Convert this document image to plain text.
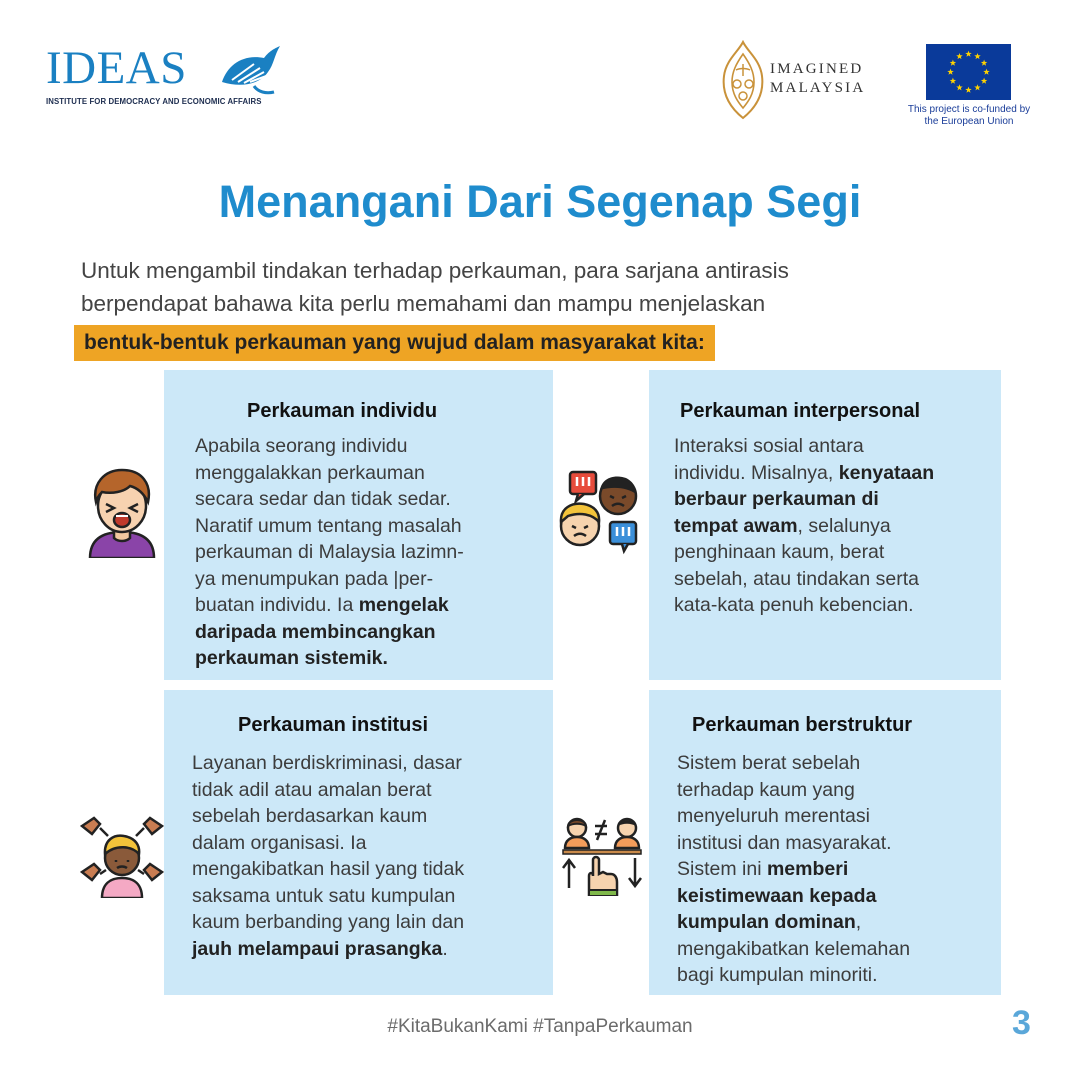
IDEAS
INSTITUTE FOR DEMOCRACY AND ECONOMIC AFFAIRS
IMAGINED
MALAYSIA
This project is co-funded by
the European Union
Menangani Dari Segenap Segi
Untuk mengambil tindakan terhadap perkauman, para sarjana antirasis
berpendapat bahawa kita perlu memahami dan mampu menjelaskan
bentuk-bentuk perkauman yang wujud dalam masyarakat kita:
Perkauman individu
Apabila seorang individu
menggalakkan perkauman
secara sedar dan tidak sedar.
Naratif umum tentang masalah
perkauman di Malaysia lazimn-
ya menumpukan pada |per-
buatan individu. Ia mengelak
daripada membincangkan
perkauman sistemik.
Perkauman interpersonal
Interaksi sosial antara
individu. Misalnya, kenyataan
berbaur perkauman di
tempat awam, selalunya
penghinaan kaum, berat
sebelah, atau tindakan serta
kata-kata penuh kebencian.
Perkauman institusi
Layanan berdiskriminasi, dasar
tidak adil atau amalan berat
sebelah berdasarkan kaum
dalam organisasi. Ia
mengakibatkan hasil yang tidak
saksama untuk satu kumpulan
kaum berbanding yang lain dan
jauh melampaui prasangka.
Perkauman berstruktur
Sistem berat sebelah
terhadap kaum yang
menyeluruh merentasi
institusi dan masyarakat.
Sistem ini memberi
keistimewaan kepada
kumpulan dominan,
mengakibatkan kelemahan
bagi kumpulan minoriti.
#KitaBukanKami #TanpaPerkauman	3
